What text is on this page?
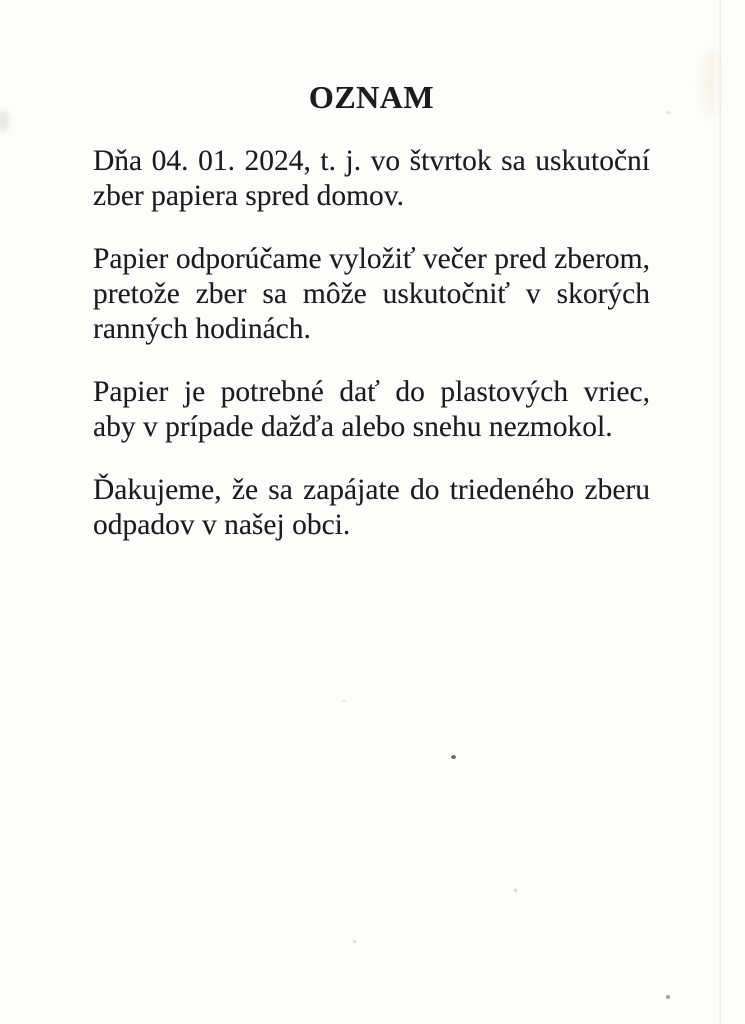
OZNAM

Dňa 04. 01. 2024, t. j. vo štvrtok sa uskutoční zber papiera spred domov.

Papier odporúčame vyložiť večer pred zberom, pretože zber sa môže uskutočniť v skorých ranných hodinách.

Papier je potrebné dať do plastových vriec, aby v prípade dažďa alebo snehu nezmokol.

Ďakujeme, že sa zapájate do triedeného zberu odpadov v našej obci.
